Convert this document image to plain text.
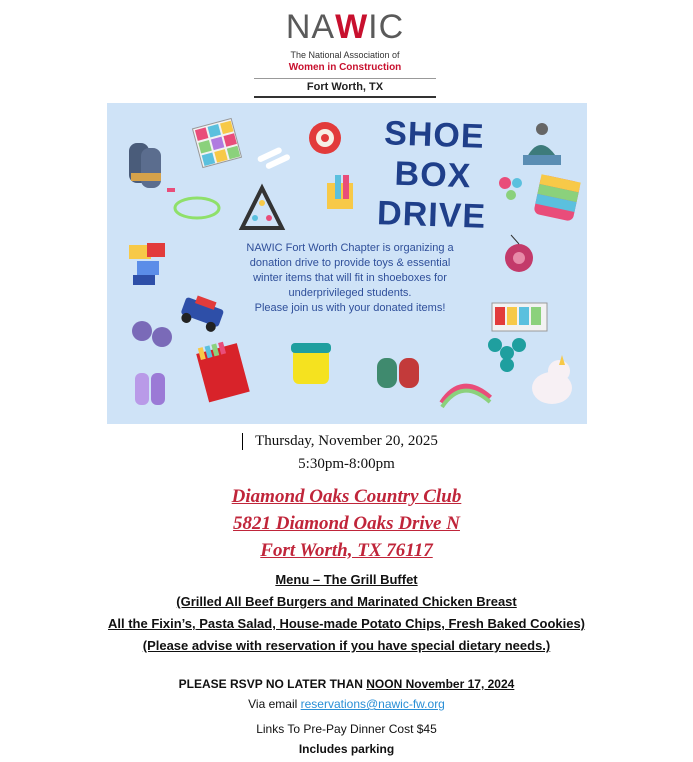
NAWIC
The National Association of
Women in Construction
Fort Worth, TX
SHOE BOX
DRIVE
NAWIC Fort Worth Chapter is organizing a
donation drive to provide toys & essential
winter items that will fit in shoeboxes for
underprivileged students.
Please join us with your donated items!
Thursday, November 20, 2025
5:30pm-8:00pm
Diamond Oaks Country Club
5821 Diamond Oaks Drive N
Fort Worth, TX 76117
Menu – The Grill Buffet
(Grilled All Beef Burgers and Marinated Chicken Breast
All the Fixin’s, Pasta Salad, House-made Potato Chips, Fresh Baked Cookies)
(Please advise with reservation if you have special dietary needs.)
PLEASE RSVP NO LATER THAN NOON November 17, 2024
Via email reservations@nawic-fw.org
Links To Pre-Pay Dinner Cost $45
Includes parking
